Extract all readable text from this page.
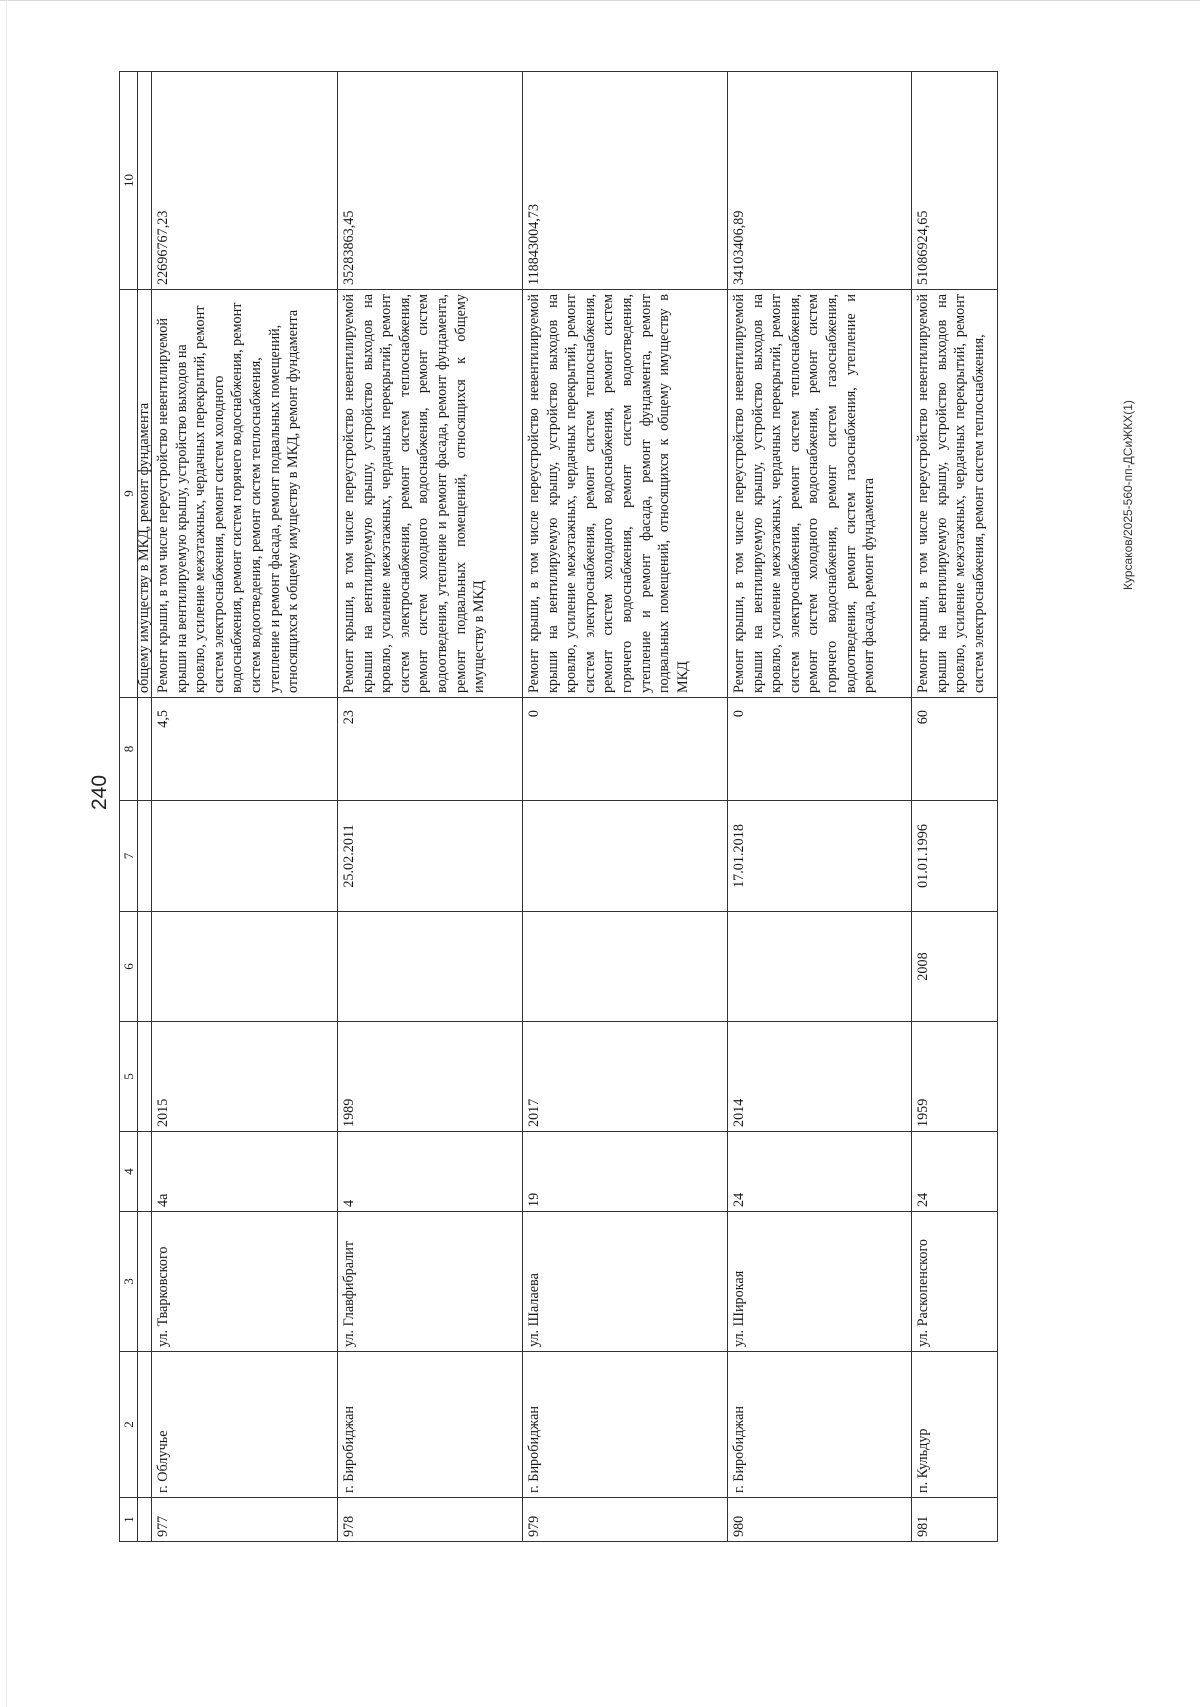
240
Курсаков/2025-560-пп-ДСиЖКХ(1)
1	2	3	4	5	6	7	8	9	10
								общему имуществу в МКД, ремонт фундамента	
977	г. Облучье	ул. Тварковского	4а	2015			4,5	Ремонт крыши, в том числе переустройство невентилируемой крыши на вентилируемую крышу, устройство выходов на кровлю, усиление межэтажных, чердачных перекрытий, ремонт систем электроснабжения, ремонт систем холодного водоснабжения, ремонт систем горячего водоснабжения, ремонт систем водоотведения, ремонт систем теплоснабжения, утепление и ремонт фасада, ремонт подвальных помещений, относящихся к общему имуществу в МКД, ремонт фундамента	22696767,23
978	г. Биробиджан	ул. Главфибралит	4	1989		25.02.2011	23	Ремонт крыши, в том числе переустройство невентилируемой крыши на вентилируемую крышу, устройство выходов на кровлю, усиление межэтажных, чердачных перекрытий, ремонт систем электроснабжения, ремонт систем теплоснабжения, ремонт систем холодного водоснабжения, ремонт систем водоотведения, утепление и ремонт фасада, ремонт фундамента, ремонт подвальных помещений, относящихся к общему имуществу в МКД	35283863,45
979	г. Биробиджан	ул. Шалаева	19	2017			0	Ремонт крыши, в том числе переустройство невентилируемой крыши на вентилируемую крышу, устройство выходов на кровлю, усиление межэтажных, чердачных перекрытий, ремонт систем электроснабжения, ремонт систем теплоснабжения, ремонт систем холодного водоснабжения, ремонт систем горячего водоснабжения, ремонт систем водоотведения, утепление и ремонт фасада, ремонт фундамента, ремонт подвальных помещений, относящихся к общему имуществу в МКД	118843004,73
980	г. Биробиджан	ул. Широкая	24	2014		17.01.2018	0	Ремонт крыши, в том числе переустройство невентилируемой крыши на вентилируемую крышу, устройство выходов на кровлю, усиление межэтажных, чердачных перекрытий, ремонт систем электроснабжения, ремонт систем теплоснабжения, ремонт систем холодного водоснабжения, ремонт систем горячего водоснабжения, ремонт систем газоснабжения, водоотведения, ремонт систем газоснабжения, утепление и ремонт фасада, ремонт фундамента	34103406,89
981	п. Кульдур	ул. Раскопенского	24	1959	2008	01.01.1996	60	Ремонт крыши, в том числе переустройство невентилируемой крыши на вентилируемую крышу, устройство выходов на кровлю, усиление межэтажных, чердачных перекрытий, ремонт систем электроснабжения, ремонт систем теплоснабжения,	51086924,65
